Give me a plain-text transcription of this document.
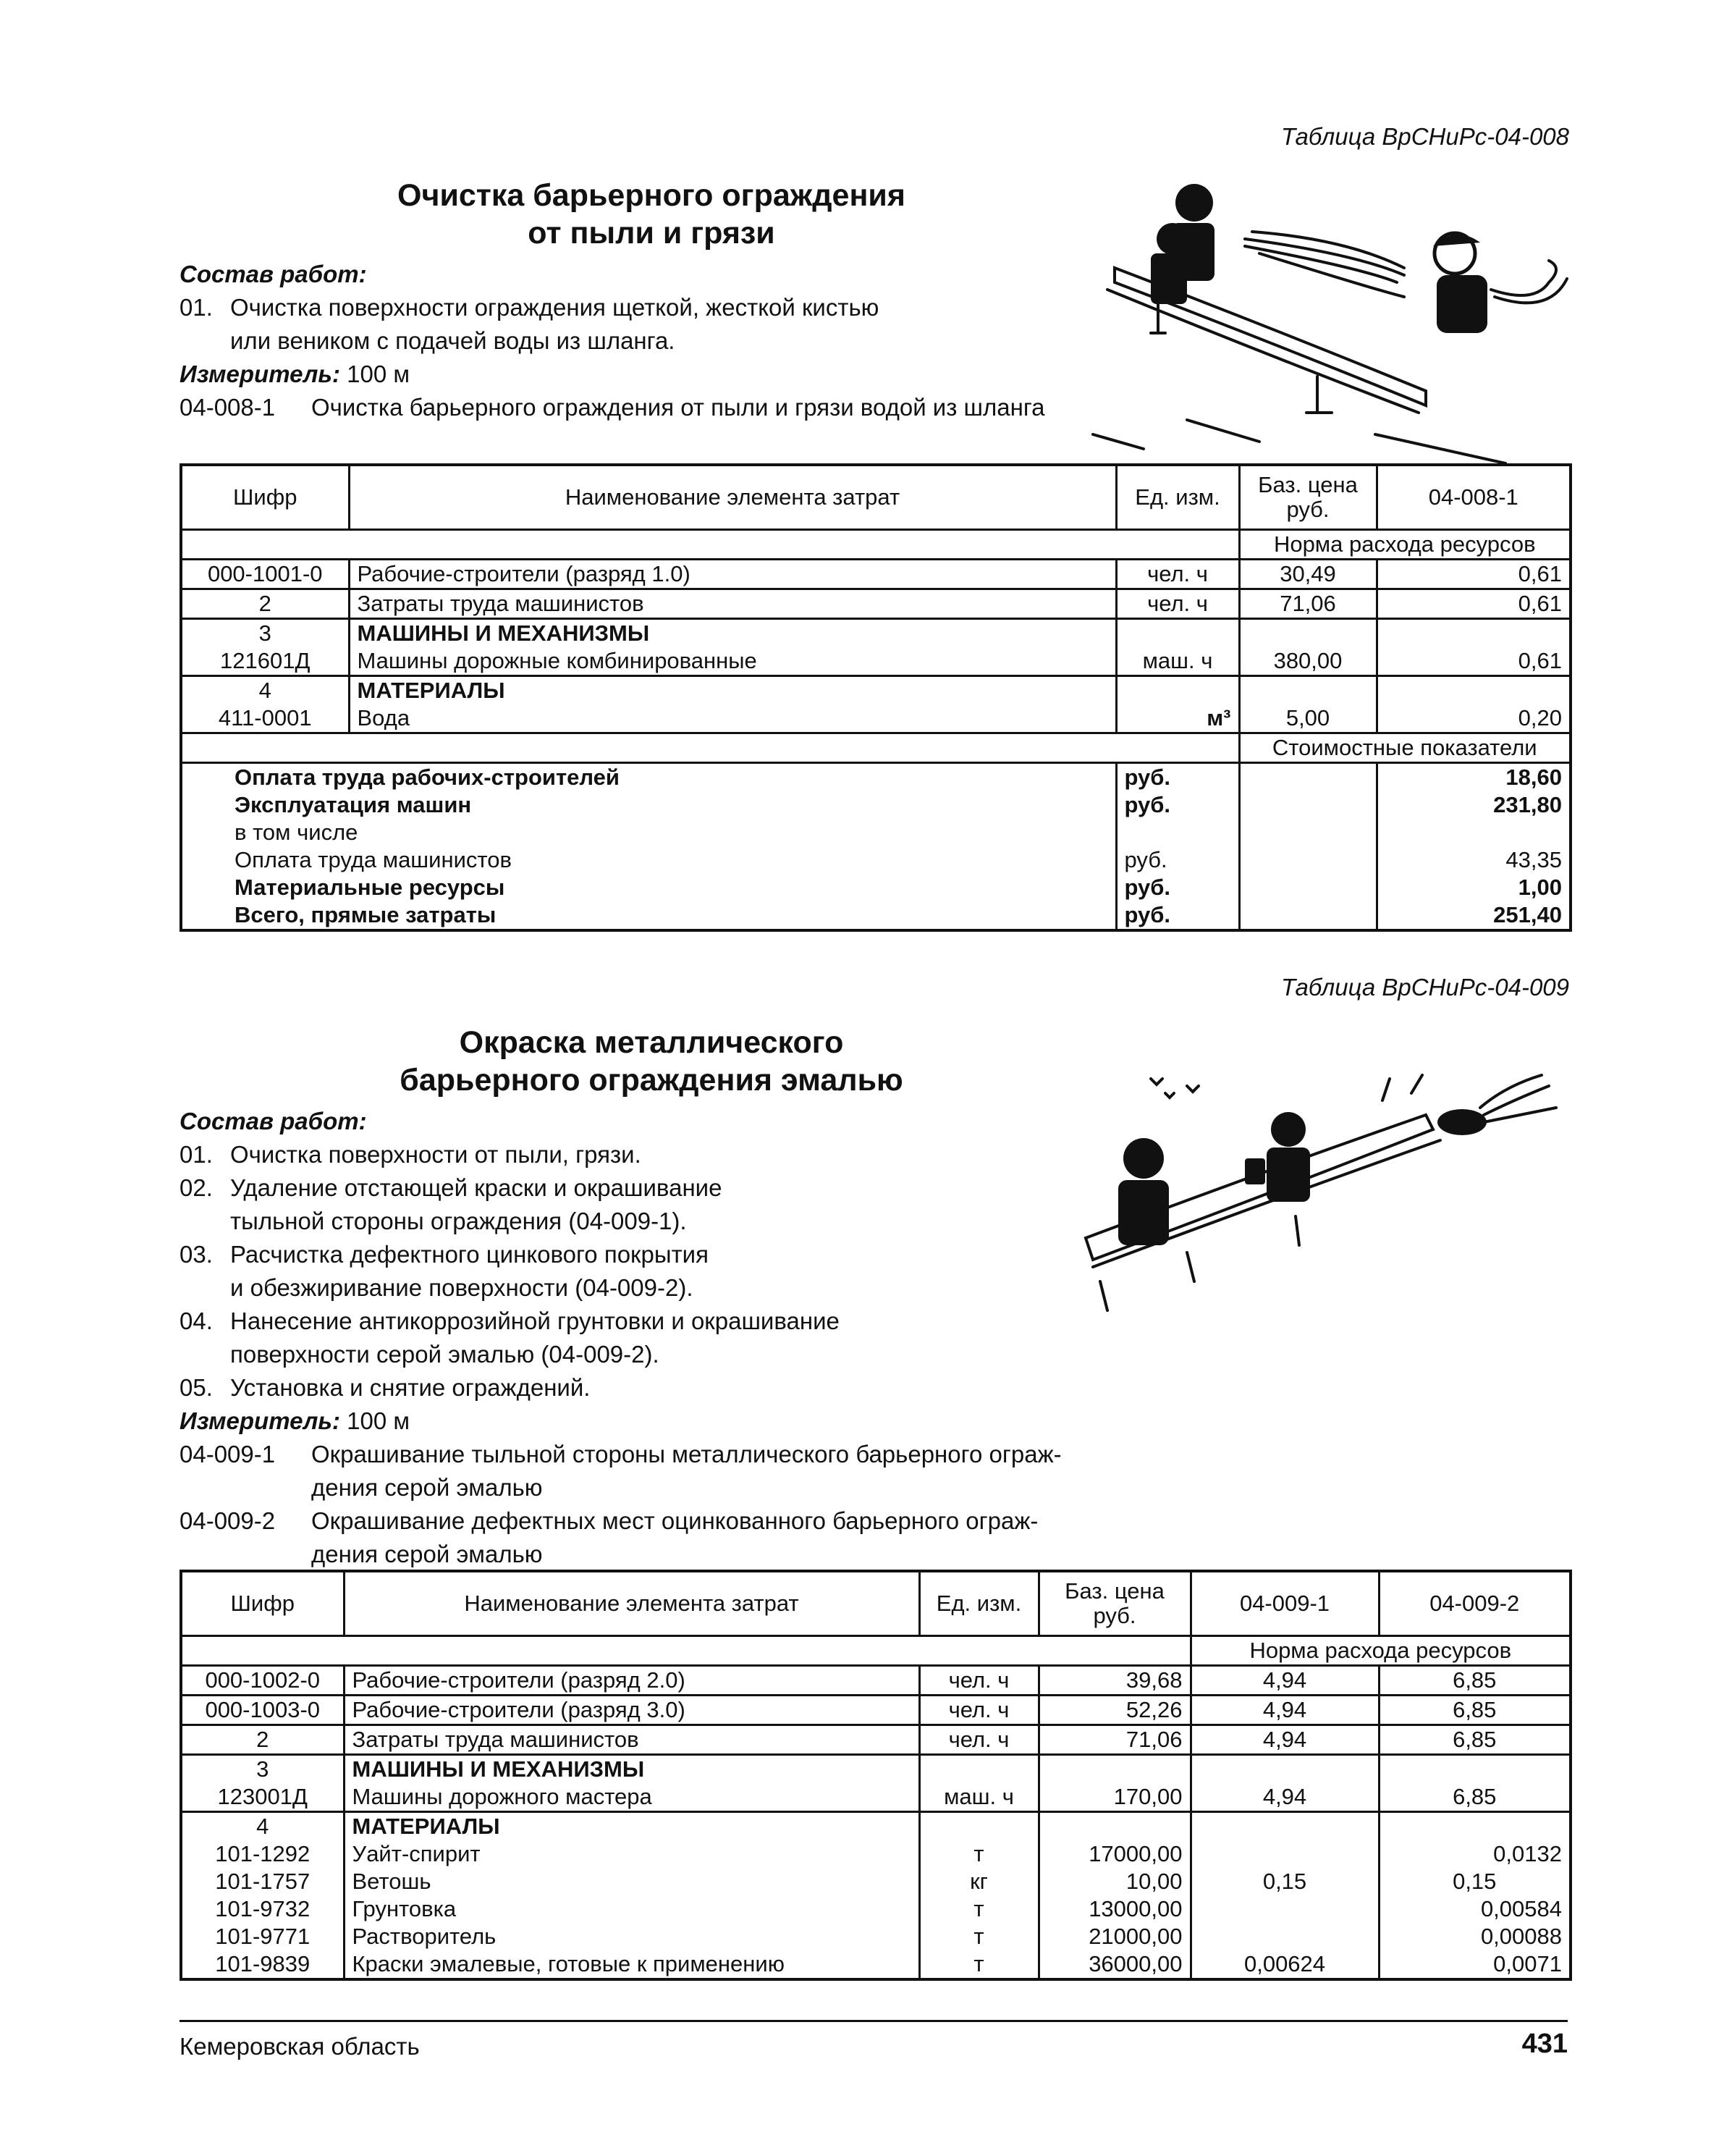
Таблица ВрСНиРс-04-008
Очистка барьерного ограждения
от пыли и грязи
Состав работ:
01. Очистка поверхности ограждения щеткой, жесткой кистью
или веником с подачей воды из шланга.
Измеритель: 100 м
04-008-1 Очистка барьерного ограждения от пыли и грязи водой из шланга
Шифр	Наименование элемента затрат	Ед. изм.	Баз. цена руб.	04-008-1
			Норма расхода ресурсов	
000-1001-0	Рабочие-строители (разряд 1.0)	чел. ч	30,49	0,61
2	Затраты труда машинистов	чел. ч	71,06	0,61
3	МАШИНЫ И МЕХАНИЗМЫ			
121601Д	Машины дорожные комбинированные	маш. ч	380,00	0,61
4	МАТЕРИАЛЫ			
411-0001	Вода	м³	5,00	0,20
			Стоимостные показатели	
Оплата труда рабочих-строителей		руб.		18,60
Эксплуатация машин		руб.		231,80
в том числе				
Оплата труда машинистов		руб.		43,35
Материальные ресурсы		руб.		1,00
Всего, прямые затраты		руб.		251,40
Таблица ВрСНиРс-04-009
Окраска металлического
барьерного ограждения эмалью
Состав работ:
01. Очистка поверхности от пыли, грязи.
02. Удаление отстающей краски и окрашивание
тыльной стороны ограждения (04-009-1).
03. Расчистка дефектного цинкового покрытия
и обезжиривание поверхности (04-009-2).
04. Нанесение антикоррозийной грунтовки и окрашивание
поверхности серой эмалью (04-009-2).
05. Установка и снятие ограждений.
Измеритель: 100 м
04-009-1 Окрашивание тыльной стороны металлического барьерного ограж-
дения серой эмалью
04-009-2 Окрашивание дефектных мест оцинкованного барьерного ограж-
дения серой эмалью
Шифр	Наименование элемента затрат	Ед. изм.	Баз. цена руб.	04-009-1	04-009-2
				Норма расхода ресурсов	
000-1002-0	Рабочие-строители (разряд 2.0)	чел. ч	39,68	4,94	6,85
000-1003-0	Рабочие-строители (разряд 3.0)	чел. ч	52,26	4,94	6,85
2	Затраты труда машинистов	чел. ч	71,06	4,94	6,85
3	МАШИНЫ И МЕХАНИЗМЫ				
123001Д	Машины дорожного мастера	маш. ч	170,00	4,94	6,85
4	МАТЕРИАЛЫ				
101-1292	Уайт-спирит	т	17000,00		0,0132
101-1757	Ветошь	кг	10,00	0,15	0,15
101-9732	Грунтовка	т	13000,00		0,00584
101-9771	Растворитель	т	21000,00		0,00088
101-9839	Краски эмалевые, готовые к применению	т	36000,00	0,00624	0,0071
Кемеровская область	431
